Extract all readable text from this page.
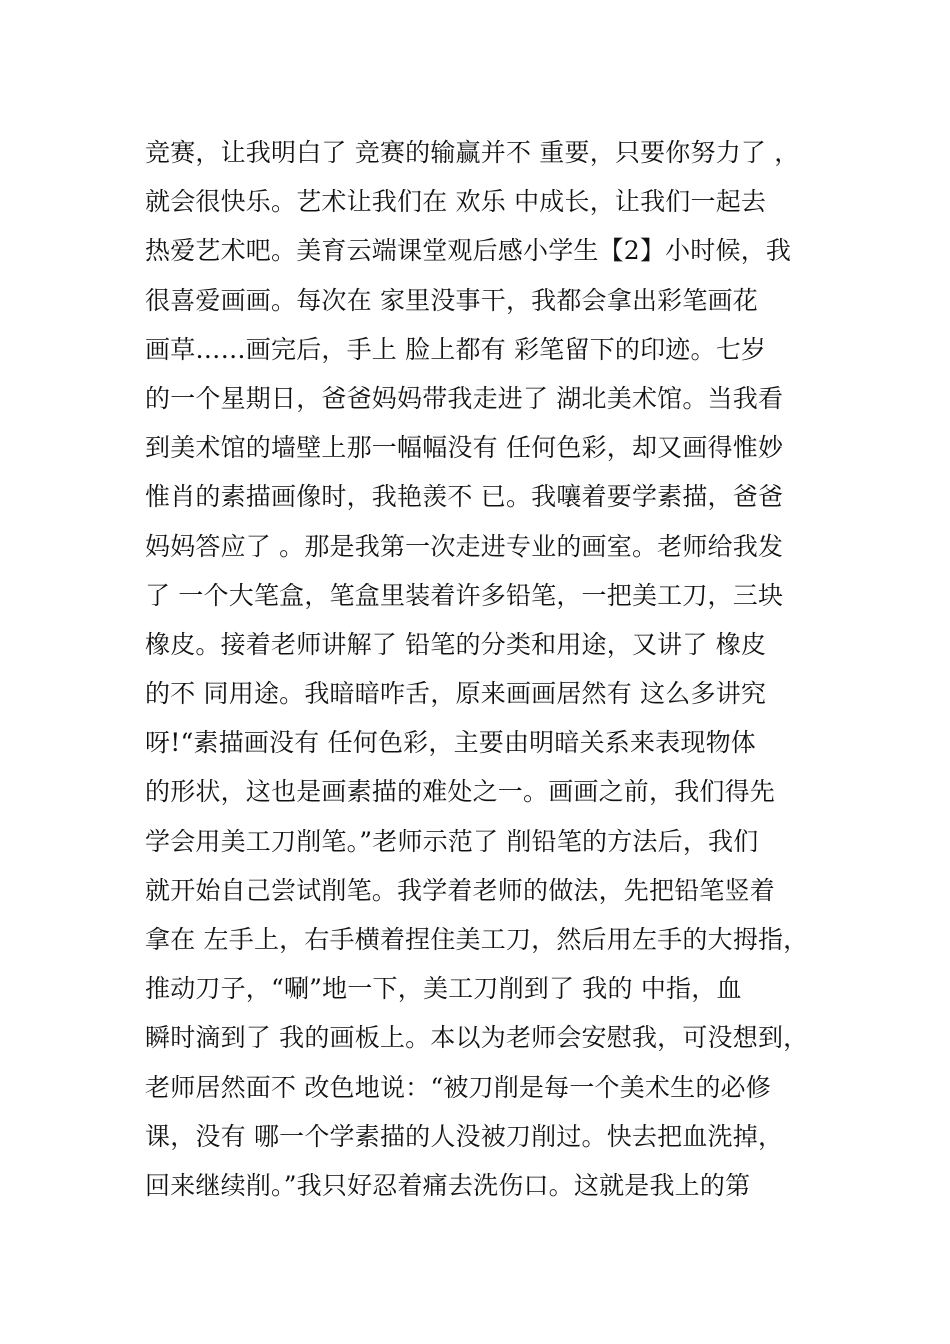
竞赛，让我明白了 竞赛的输赢并不 重要，只要你努力了 ，
就会很快乐。艺术让我们在 欢乐 中成长，让我们一起去
热爱艺术吧。美育云端课堂观后感小学生【2】小时候，我
很喜爱画画。每次在 家里没事干，我都会拿出彩笔画花
画草……画完后，手上 脸上都有 彩笔留下的印迹。七岁
的一个星期日，爸爸妈妈带我走进了 湖北美术馆。当我看
到美术馆的墙壁上那一幅幅没有 任何色彩，却又画得惟妙
惟肖的素描画像时，我艳羡不 已。我嚷着要学素描，爸爸
妈妈答应了 。那是我第一次走进专业的画室。老师给我发
了 一个大笔盒，笔盒里装着许多铅笔，一把美工刀，三块
橡皮。接着老师讲解了 铅笔的分类和用途，又讲了 橡皮
的不 同用途。我暗暗咋舌，原来画画居然有 这么多讲究
呀!“素描画没有 任何色彩，主要由明暗关系来表现物体
的形状，这也是画素描的难处之一。画画之前，我们得先
学会用美工刀削笔。”老师示范了 削铅笔的方法后，我们
就开始自己尝试削笔。我学着老师的做法，先把铅笔竖着
拿在 左手上，右手横着捏住美工刀，然后用左手的大拇指，
推动刀子，“唰”地一下，美工刀削到了 我的 中指，血
瞬时滴到了 我的画板上。本以为老师会安慰我，可没想到，
老师居然面不 改色地说：“被刀削是每一个美术生的必修
课，没有 哪一个学素描的人没被刀削过。快去把血洗掉，
回来继续削。”我只好忍着痛去洗伤口。这就是我上的第
